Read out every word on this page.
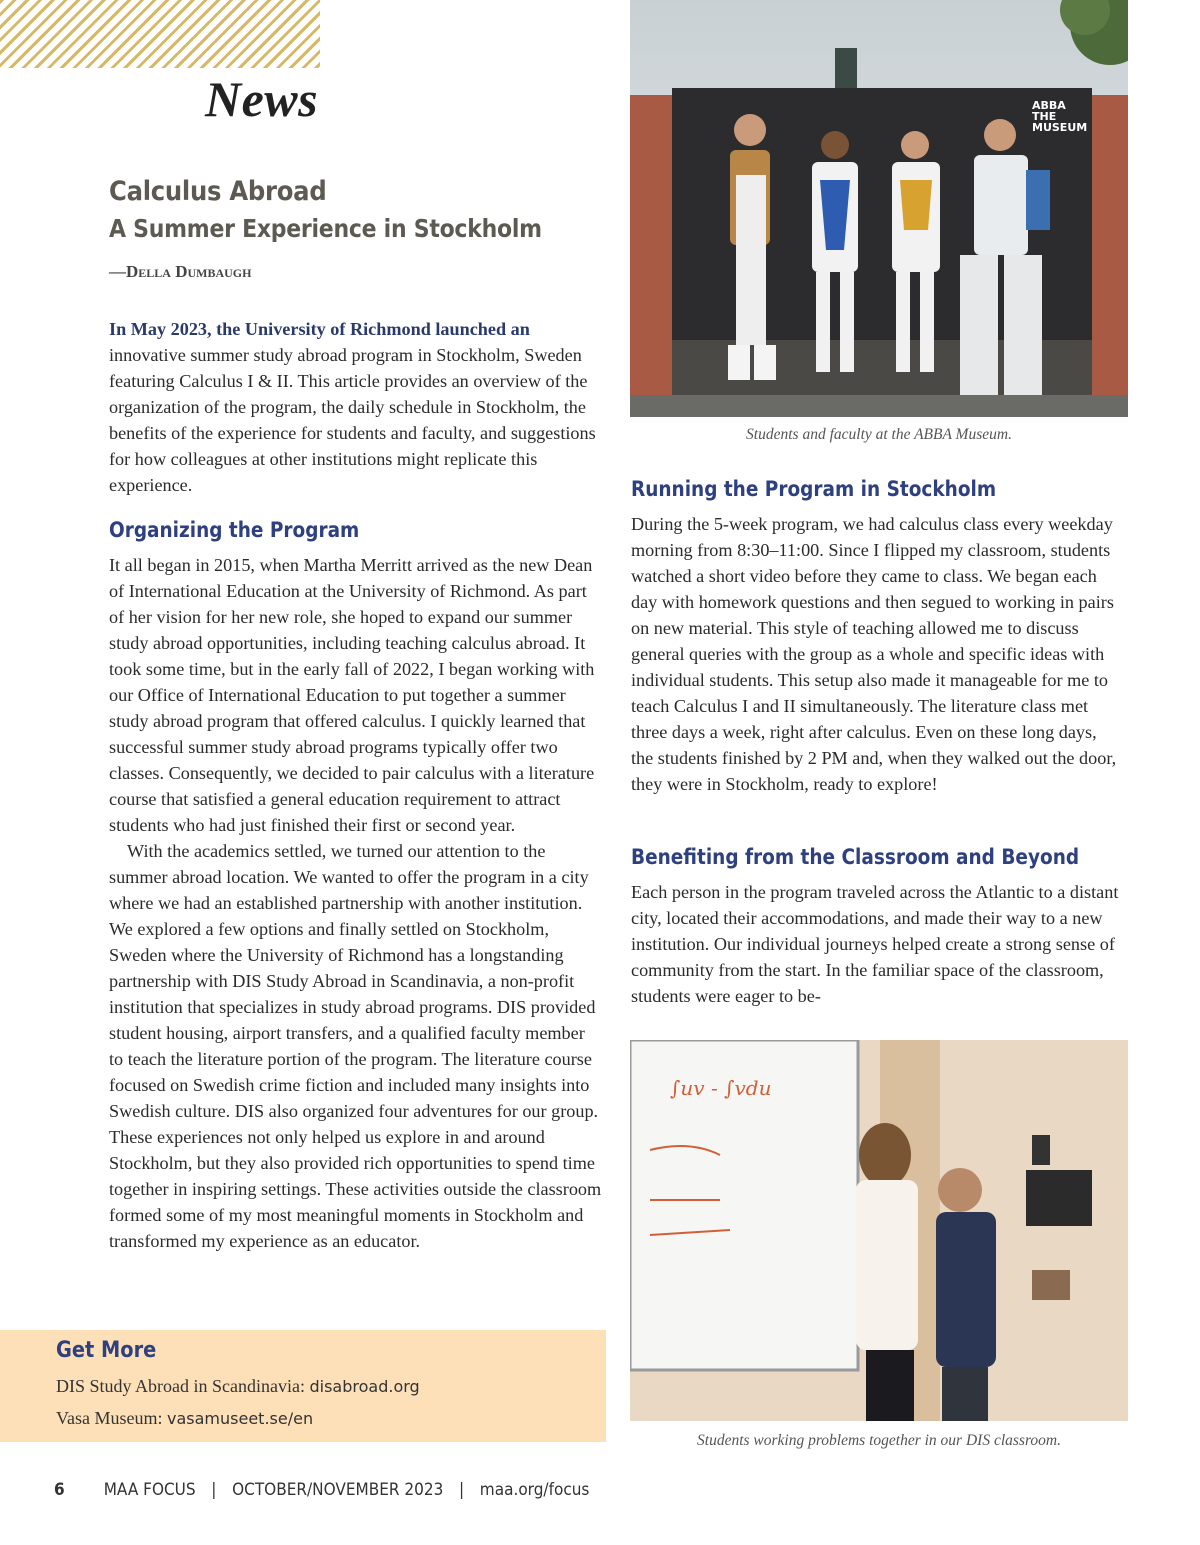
News
Calculus Abroad
A Summer Experience in Stockholm
—Della Dumbaugh
In May 2023, the University of Richmond launched an innovative summer study abroad program in Stockholm, Sweden featuring Calculus I & II. This article provides an overview of the organization of the program, the daily schedule in Stockholm, the benefits of the experience for students and faculty, and suggestions for how colleagues at other institutions might replicate this experience.
Organizing the Program
It all began in 2015, when Martha Merritt arrived as the new Dean of International Education at the University of Richmond. As part of her vision for her new role, she hoped to expand our summer study abroad opportunities, including teaching calculus abroad. It took some time, but in the early fall of 2022, I began working with our Office of International Education to put together a summer study abroad program that offered calculus. I quickly learned that successful summer study abroad programs typically offer two classes. Consequently, we decided to pair calculus with a literature course that satisfied a general education requirement to attract students who had just finished their first or second year.
With the academics settled, we turned our attention to the summer abroad location. We wanted to offer the program in a city where we had an established partnership with another institution. We explored a few options and finally settled on Stockholm, Sweden where the University of Richmond has a longstanding partnership with DIS Study Abroad in Scandinavia, a non-profit institution that specializes in study abroad programs. DIS provided student housing, airport transfers, and a qualified faculty member to teach the literature portion of the program. The literature course focused on Swedish crime fiction and included many insights into Swedish culture. DIS also organized four adventures for our group. These experiences not only helped us explore in and around Stockholm, but they also provided rich opportunities to spend time together in inspiring settings. These activities outside the classroom formed some of my most meaningful moments in Stockholm and transformed my experience as an educator.
Get More
DIS Study Abroad in Scandinavia: disabroad.org
Vasa Museum: vasamuseet.se/en
ABBA
THE
MUSEUM
Students and faculty at the ABBA Museum.
Running the Program in Stockholm
During the 5-week program, we had calculus class every weekday morning from 8:30–11:00. Since I flipped my classroom, students watched a short video before they came to class. We began each day with homework questions and then segued to working in pairs on new material. This style of teaching allowed me to discuss general queries with the group as a whole and specific ideas with individual students. This setup also made it manageable for me to teach Calculus I and II simultaneously. The literature class met three days a week, right after calculus. Even on these long days, the students finished by 2 PM and, when they walked out the door, they were in Stockholm, ready to explore!
Benefiting from the Classroom and Beyond
Each person in the program traveled across the Atlantic to a distant city, located their accommodations, and made their way to a new institution. Our individual journeys helped create a strong sense of community from the start. In the familiar space of the classroom, students were eager to be-
∫uv - ∫vdu
Students working problems together in our DIS classroom.
6 MAA FOCUS | OCTOBER/NOVEMBER 2023 | maa.org/focus
